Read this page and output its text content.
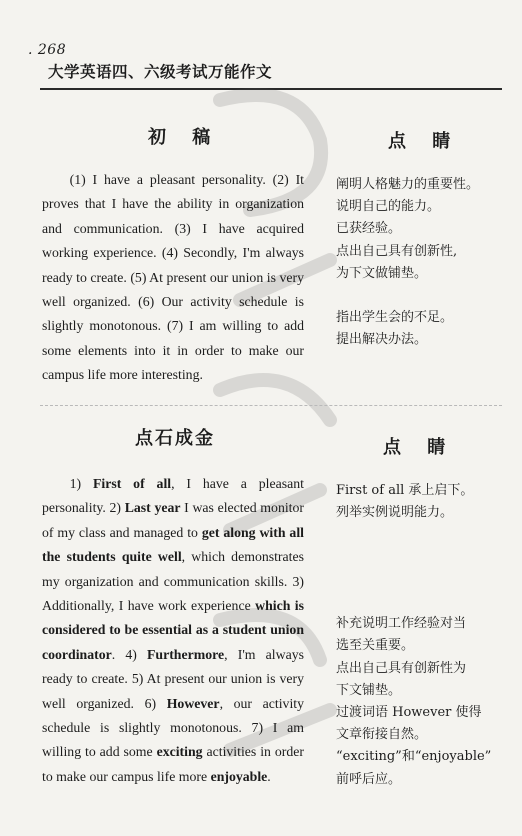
. 268
大学英语四、六级考试万能作文
初 稿

(1) I have a pleasant personality. (2) It proves that I have the ability in organization and communication. (3) I have acquired working experience. (4) Secondly, I'm always ready to create. (5) At present our union is very well organized. (6) Our activity schedule is slightly monotonous. (7) I am willing to add some elements into it in order to make our campus life more interesting.

点 睛
阐明人格魅力的重要性。
说明自己的能力。
已获经验。
点出自己具有创新性,
为下文做铺垫。

指出学生会的不足。
提出解决办法。
点石成金

1) First of all, I have a pleasant personality. 2) Last year I was elected monitor of my class and managed to get along with all the students quite well, which demonstrates my organization and communication skills. 3) Additionally, I have work experience which is considered to be essential as a student union coordinator. 4) Furthermore, I'm always ready to create. 5) At present our union is very well organized. 6) However, our activity schedule is slightly monotonous. 7) I am willing to add some exciting activities in order to make our campus life more enjoyable.

点 睛
First of all 承上启下。
列举实例说明能力。

补充说明工作经验对当
选至关重要。
点出自己具有创新性为
下文铺垫。
过渡词语 However 使得
文章衔接自然。
“exciting”和“enjoyable”
前呼后应。
